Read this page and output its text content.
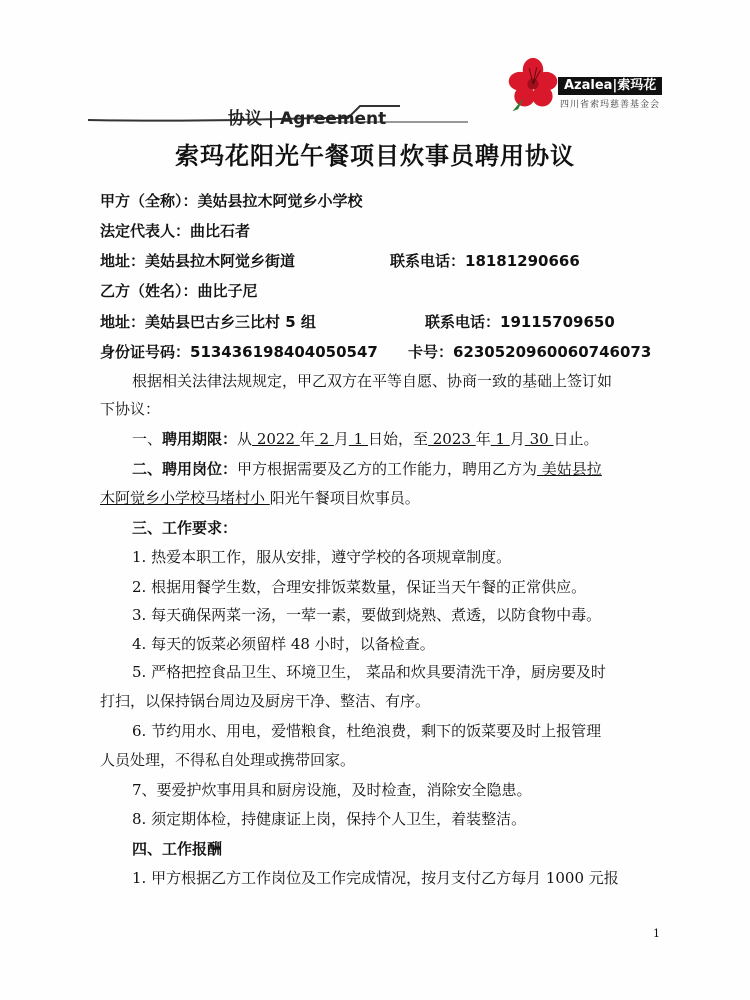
Azalea|索玛花
四川省索玛慈善基金会
协议 | Agreement
索玛花阳光午餐项目炊事员聘用协议
甲方（全称）：美姑县拉木阿觉乡小学校
法定代表人：曲比石者
地址：美姑县拉木阿觉乡街道	联系电话：18181290666
乙方（姓名）：曲比子尼
地址：美姑县巴古乡三比村 5 组	联系电话：19115709650
身份证号码：513436198404050547 卡号：6230520960060746073
根据相关法律法规规定，甲乙双方在平等自愿、协商一致的基础上签订如
下协议：
一、聘用期限：从 2022 年 2 月 1 日始，至 2023 年 1 月 30 日止。
二、聘用岗位：甲方根据需要及乙方的工作能力，聘用乙方为 美姑县拉
木阿觉乡小学校马堵村小 阳光午餐项目炊事员。
三、工作要求：
1. 热爱本职工作，服从安排，遵守学校的各项规章制度。
2. 根据用餐学生数，合理安排饭菜数量，保证当天午餐的正常供应。
3. 每天确保两菜一汤，一荤一素，要做到烧熟、煮透，以防食物中毒。
4. 每天的饭菜必须留样 48 小时，以备检查。
5. 严格把控食品卫生、环境卫生， 菜品和炊具要清洗干净，厨房要及时
打扫，以保持锅台周边及厨房干净、整洁、有序。
6. 节约用水、用电，爱惜粮食，杜绝浪费，剩下的饭菜要及时上报管理
人员处理，不得私自处理或携带回家。
7、要爱护炊事用具和厨房设施，及时检查，消除安全隐患。
8. 须定期体检，持健康证上岗，保持个人卫生，着装整洁。
四、工作报酬
1. 甲方根据乙方工作岗位及工作完成情况，按月支付乙方每月 1000 元报
1
